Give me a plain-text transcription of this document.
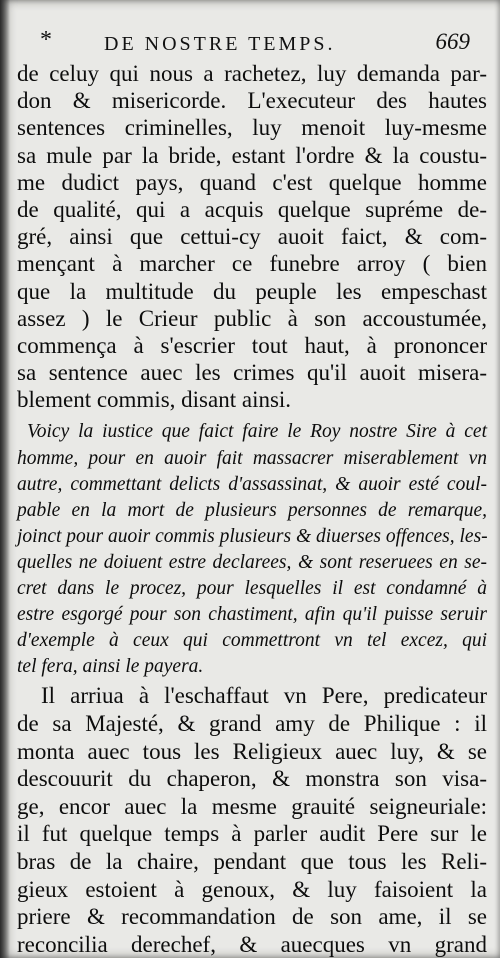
*	DE NOSTRE TEMPS.	669
de celuy qui nous a rachetez, luy demanda par-
don & misericorde. L'executeur des hautes
sentences criminelles, luy menoit luy-mesme
sa mule par la bride, estant l'ordre & la coustu-
me dudict pays, quand c'est quelque homme
de qualité, qui a acquis quelque supréme de-
gré, ainsi que cettui-cy auoit faict, & com-
mençant à marcher ce funebre arroy ( bien
que la multitude du peuple les empeschast
assez ) le Crieur public à son accoustumée,
commença à s'escrier tout haut, à prononcer
sa sentence auec les crimes qu'il auoit misera-
blement commis, disant ainsi.
Voicy la iustice que faict faire le Roy nostre Sire à cet
homme, pour en auoir fait massacrer miserablement vn
autre, commettant delicts d'assassinat, & auoir esté coul-
pable en la mort de plusieurs personnes de remarque,
joinct pour auoir commis plusieurs & diuerses offences, les-
quelles ne doiuent estre declarees, & sont reseruees en se-
cret dans le procez, pour lesquelles il est condamné à
estre esgorgé pour son chastiment, afin qu'il puisse seruir
d'exemple à ceux qui commettront vn tel excez, qui
tel fera, ainsi le payera.
Il arriua à l'eschaffaut vn Pere, predicateur
de sa Majesté, & grand amy de Philique : il
monta auec tous les Religieux auec luy, & se
descouurit du chaperon, & monstra son visa-
ge, encor auec la mesme grauité seigneuriale:
il fut quelque temps à parler audit Pere sur le
bras de la chaire, pendant que tous les Reli-
gieux estoient à genoux, & luy faisoient la
priere & recommandation de son ame, il se
reconcilia derechef, & auecques vn grand
